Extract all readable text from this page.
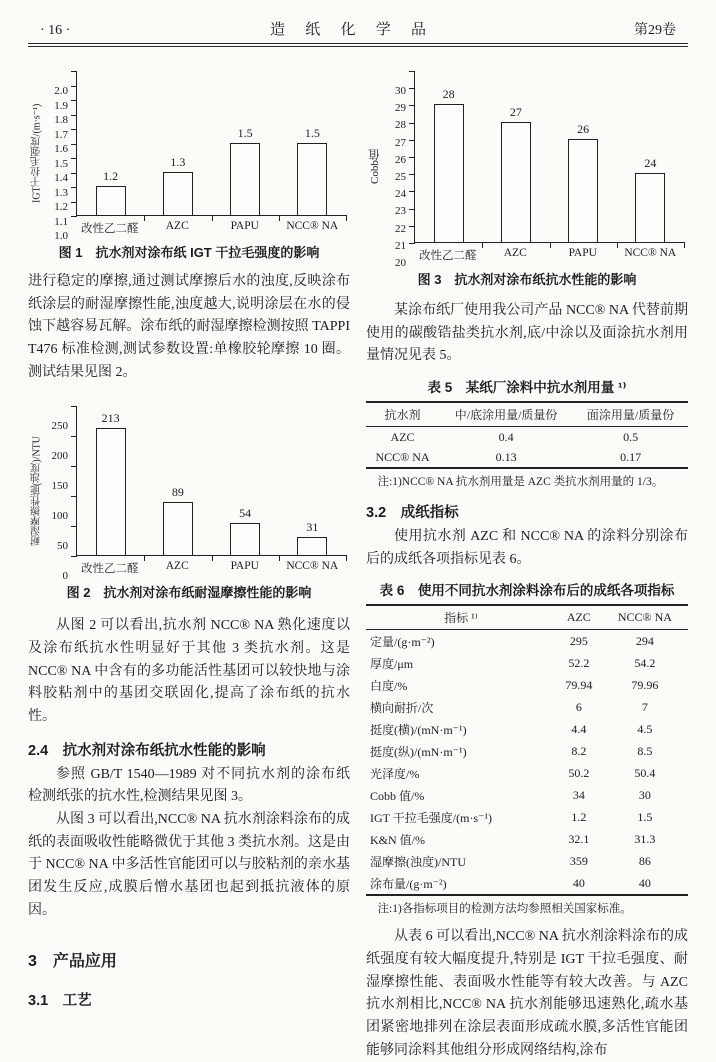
· 16 ·	造 纸 化 学 品	第29卷
IGT干拉毛强度/(m·s⁻¹)
2.0
1.9
1.8
1.7
1.6
1.5
1.4
1.3
1.2
1.1
1.0
1.2
1.3
1.5	1.5
改性乙二醛	AZC	PAPU	NCC® NA
图 1　抗水剂对涂布纸 IGT 干拉毛强度的影响

进行稳定的摩擦,通过测试摩擦后水的浊度,反映涂布纸涂层的耐湿摩擦性能,浊度越大,说明涂层在水的侵蚀下越容易瓦解。涂布纸的耐湿摩擦检测按照 TAPPI T476 标准检测,测试参数设置:单橡胶轮摩擦 10 圈。测试结果见图 2。

耐湿摩擦性能(浊度)/NTU
250
200
150
100
50
0
213
89
54
31
改性乙二醛	AZC	PAPU	NCC® NA
图 2　抗水剂对涂布纸耐湿摩擦性能的影响

从图 2 可以看出,抗水剂 NCC® NA 熟化速度以及涂布纸抗水性明显好于其他 3 类抗水剂。这是 NCC® NA 中含有的多功能活性基团可以较快地与涂料胶粘剂中的基团交联固化,提高了涂布纸的抗水性。

2.4　抗水剂对涂布纸抗水性能的影响

参照 GB/T 1540—1989 对不同抗水剂的涂布纸检测纸张的抗水性,检测结果见图 3。

从图 3 可以看出,NCC® NA 抗水剂涂料涂布的成纸的表面吸收性能略微优于其他 3 类抗水剂。这是由于 NCC® NA 中多活性官能团可以与胶粘剂的亲水基团发生反应,成膜后憎水基团也起到抵抗液体的原因。

3　产品应用
3.1　工艺
Cobb值
30
29
28
27
26
25
24
23
22
21
20
28
27
26
24
改性乙二醛	AZC	PAPU	NCC® NA
图 3　抗水剂对涂布纸抗水性能的影响

某涂布纸厂使用我公司产品 NCC® NA 代替前期使用的碳酸锆盐类抗水剂,底/中涂以及面涂抗水剂用量情况见表 5。

表 5　某纸厂涂料中抗水剂用量 ¹⁾
抗水剂	中/底涂用量/质量份	面涂用量/质量份
AZC	0.4	0.5
NCC® NA	0.13	0.17
注:1)NCC® NA 抗水剂用量是 AZC 类抗水剂用量的 1/3。
3.2　成纸指标

使用抗水剂 AZC 和 NCC® NA 的涂料分别涂布后的成纸各项指标见表 6。

表 6　使用不同抗水剂涂料涂布后的成纸各项指标
指标 ¹⁾	AZC	NCC® NA
定量/(g·m⁻²)	295	294
厚度/μm	52.2	54.2
白度/%	79.94	79.96
横向耐折/次	6	7
挺度(横)/(mN·m⁻¹)	4.4	4.5
挺度(纵)/(mN·m⁻¹)	8.2	8.5
光泽度/%	50.2	50.4
Cobb 值/%	34	30
IGT 干拉毛强度/(m·s⁻¹)	1.2	1.5
K&N 值/%	32.1	31.3
湿摩擦(浊度)/NTU	359	86
涂布量/(g·m⁻²)	40	40
注:1)各指标项目的检测方法均参照相关国家标准。

从表 6 可以看出,NCC® NA 抗水剂涂料涂布的成纸强度有较大幅度提升,特别是 IGT 干拉毛强度、耐湿摩擦性能、表面吸水性能等有较大改善。与 AZC 抗水剂相比,NCC® NA 抗水剂能够迅速熟化,疏水基团紧密地排列在涂层表面形成疏水膜,多活性官能团能够同涂料其他组分形成网络结构,涂布
